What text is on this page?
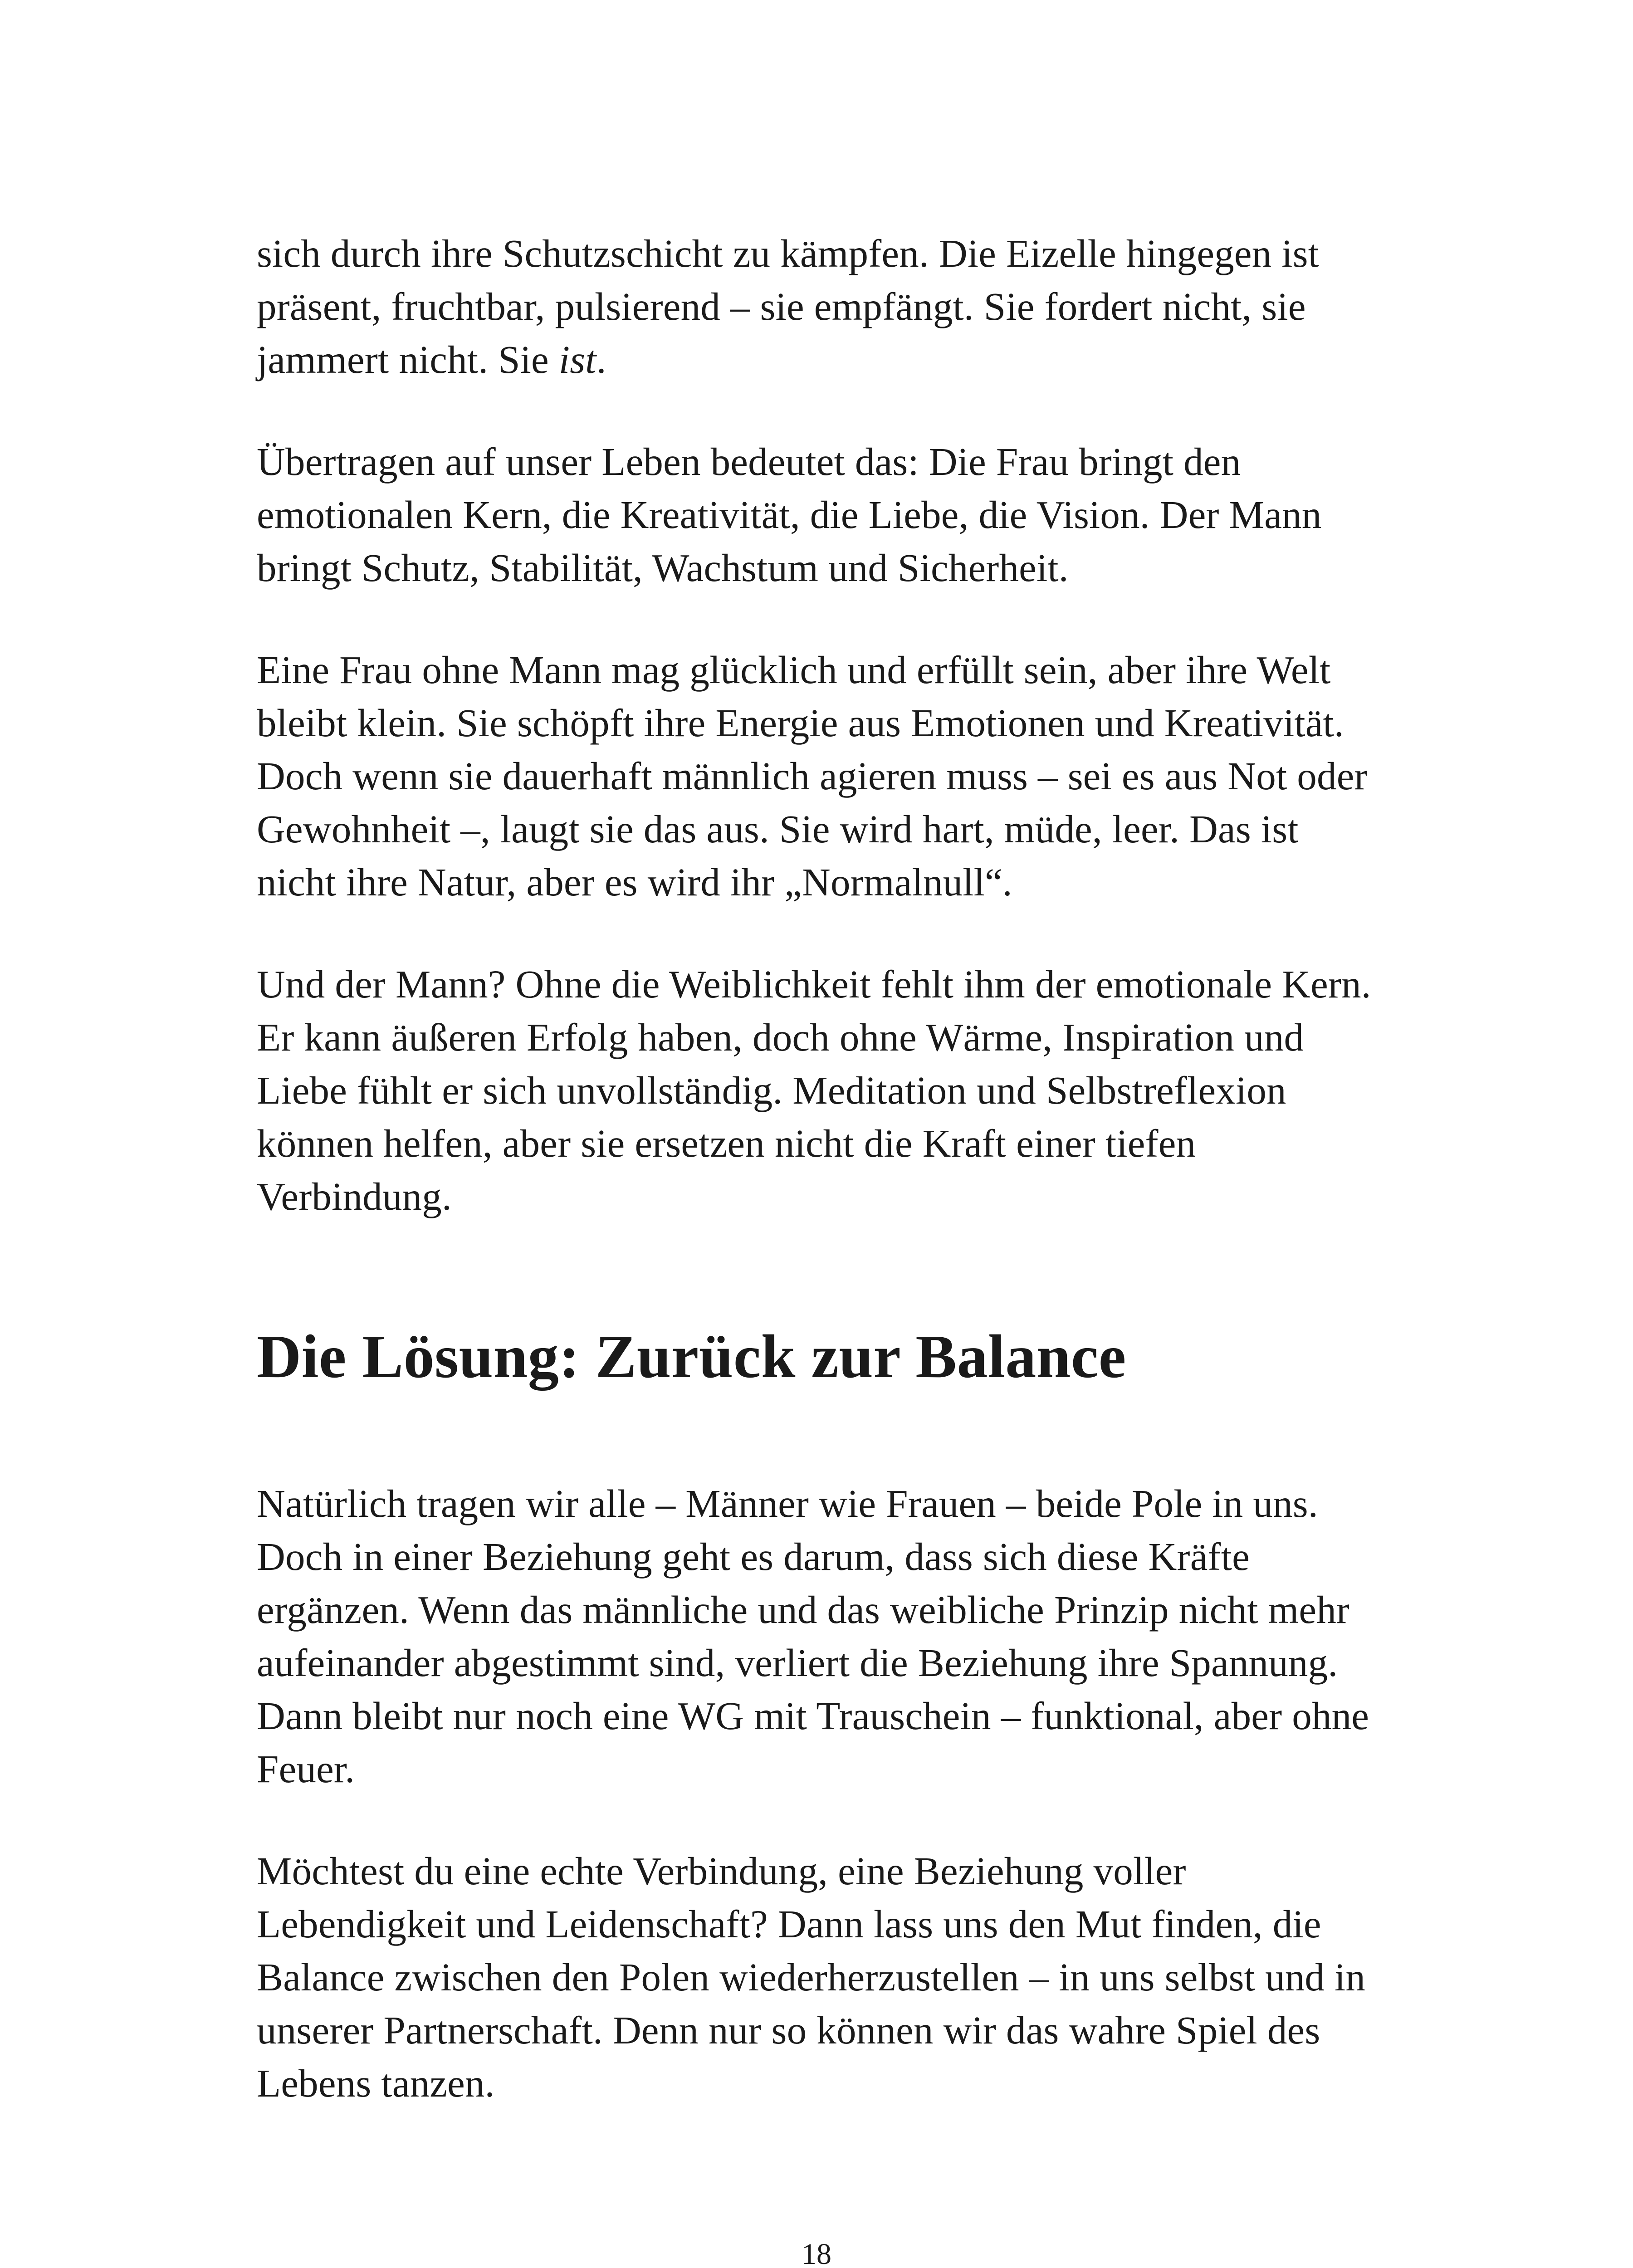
sich durch ihre Schutzschicht zu kämpfen. Die Eizelle hingegen ist präsent, fruchtbar, pulsierend – sie empfängt. Sie fordert nicht, sie jammert nicht. Sie ist.

Übertragen auf unser Leben bedeutet das: Die Frau bringt den emotionalen Kern, die Kreativität, die Liebe, die Vision. Der Mann bringt Schutz, Stabilität, Wachstum und Sicherheit.

Eine Frau ohne Mann mag glücklich und erfüllt sein, aber ihre Welt bleibt klein. Sie schöpft ihre Energie aus Emotionen und Kreativität. Doch wenn sie dauerhaft männlich agieren muss – sei es aus Not oder Gewohnheit –, laugt sie das aus. Sie wird hart, müde, leer. Das ist nicht ihre Natur, aber es wird ihr „Normalnull“.

Und der Mann? Ohne die Weiblichkeit fehlt ihm der emotionale Kern. Er kann äußeren Erfolg haben, doch ohne Wärme, Inspiration und Liebe fühlt er sich unvollständig. Meditation und Selbstreflexion können helfen, aber sie ersetzen nicht die Kraft einer tiefen Verbindung.

Die Lösung: Zurück zur Balance

Natürlich tragen wir alle – Männer wie Frauen – beide Pole in uns. Doch in einer Beziehung geht es darum, dass sich diese Kräfte ergänzen. Wenn das männliche und das weibliche Prinzip nicht mehr aufeinander abgestimmt sind, verliert die Beziehung ihre Spannung. Dann bleibt nur noch eine WG mit Trauschein – funktional, aber ohne Feuer.

Möchtest du eine echte Verbindung, eine Beziehung voller Lebendigkeit und Leidenschaft? Dann lass uns den Mut finden, die Balance zwischen den Polen wiederherzustellen – in uns selbst und in unserer Partnerschaft. Denn nur so können wir das wahre Spiel des Lebens tanzen.

18
